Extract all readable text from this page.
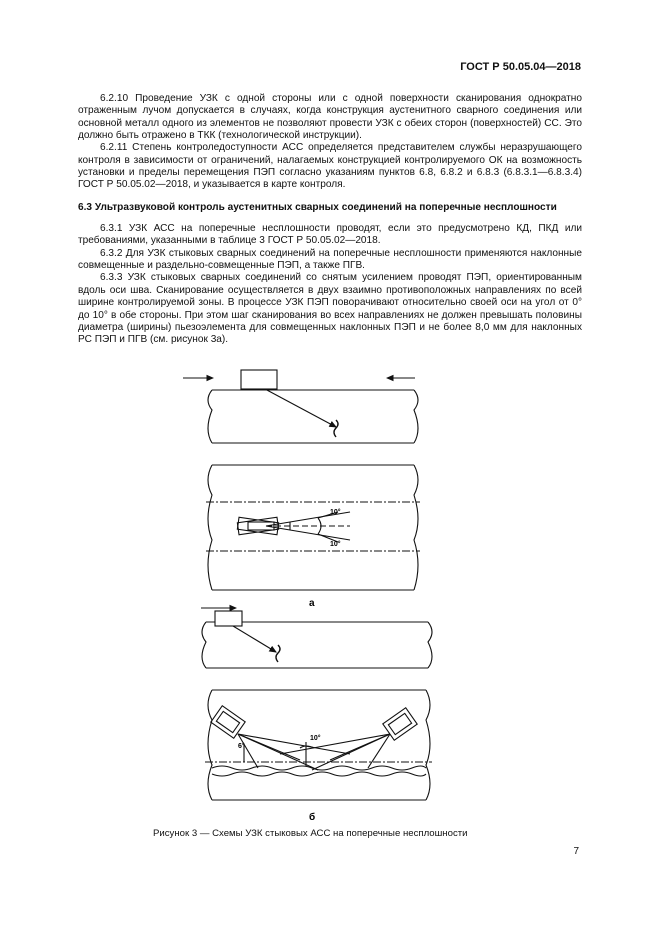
ГОСТ Р 50.05.04—2018

6.2.10 Проведение УЗК с одной стороны или с одной поверхности сканирования однократно отраженным лучом допускается в случаях, когда конструкция аустенитного сварного соединения или основной металл одного из элементов не позволяют провести УЗК с обеих сторон (поверхностей) СС. Это должно быть отражено в ТКК (технологической инструкции).

6.2.11 Степень контроледоступности АСС определяется представителем службы неразрушающего контроля в зависимости от ограничений, налагаемых конструкцией контролируемого ОК на возможность установки и пределы перемещения ПЭП согласно указаниям пунктов 6.8, 6.8.2 и 6.8.3 (6.8.3.1—6.8.3.4) ГОСТ Р 50.05.02—2018, и указывается в карте контроля.

6.3 Ультразвуковой контроль аустенитных сварных соединений на поперечные несплошности

6.3.1 УЗК АСС на поперечные несплошности проводят, если это предусмотрено КД, ПКД или требованиями, указанными в таблице 3 ГОСТ Р 50.05.02—2018.

6.3.2 Для УЗК стыковых сварных соединений на поперечные несплошности применяются наклонные совмещенные и раздельно-совмещенные ПЭП, а также ПГВ.

6.3.3 УЗК стыковых сварных соединений со снятым усилением проводят ПЭП, ориентированным вдоль оси шва. Сканирование осуществляется в двух взаимно противоположных направлениях по всей ширине контролируемой зоны. В процессе УЗК ПЭП поворачивают относительно своей оси на угол от 0° до 10° в обе стороны. При этом шаг сканирования во всех направлениях не должен превышать половины диаметра (ширины) пьезоэлемента для совмещенных наклонных ПЭП и не более 8,0 мм для наклонных РС ПЭП и ПГВ (см. рисунок 3а).

10°
10°
а
10°
6°
б
Рисунок 3 — Схемы УЗК стыковых АСС на поперечные несплошности
7
